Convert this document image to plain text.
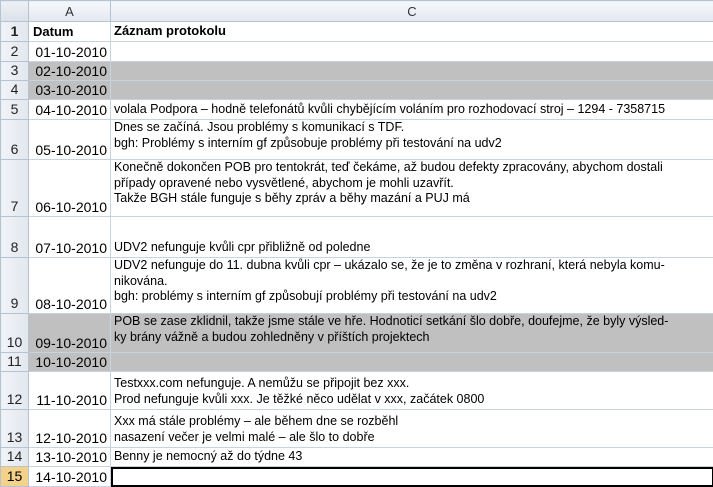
	A	C
1	Datum	Záznam protokolu
2	01-10-2010	
3	02-10-2010	
4	03-10-2010	
5	04-10-2010	volala Podpora – hodně telefonátů kvůli chybějícím voláním pro rozhodovací stroj – 1294 - 7358715

6	05-10-2010	Dnes se začíná. Jsou problémy s komunikací s TDF.
bgh: Problémy s interním gf způsobuje problémy při testování na udv2

7	06-10-2010	Konečně dokončen POB pro tentokrát, teď čekáme, až budou defekty zpracovány, abychom dostali
případy opravené nebo vysvětlené, abychom je mohli uzavřít.
Takže BGH stále funguje s běhy zpráv a běhy mazání a PUJ má

8	07-10-2010	UDV2 nefunguje kvůli cpr přibližně od poledne

9	08-10-2010	UDV2 nefunguje do 11. dubna kvůli cpr – ukázalo se, že je to změna v rozhraní, která nebyla komu-
nikována.
bgh: problémy s interním gf způsobují problémy při testování na udv2

10	09-10-2010	POB se zase zklidnil, takže jsme stále ve hře. Hodnoticí setkání šlo dobře, doufejme, že byly výsled-
ky brány vážně a budou zohledněny v příštích projektech

11	10-10-2010	
12	11-10-2010	Testxxx.com nefunguje. A nemůžu se připojit bez xxx.
Prod nefunguje kvůli xxx. Je těžké něco udělat v xxx, začátek 0800

13	12-10-2010	Xxx má stále problémy – ale během dne se rozběhl
nasazení večer je velmi malé – ale šlo to dobře

14	13-10-2010	Benny je nemocný až do týdne 43

15	14-10-2010	
